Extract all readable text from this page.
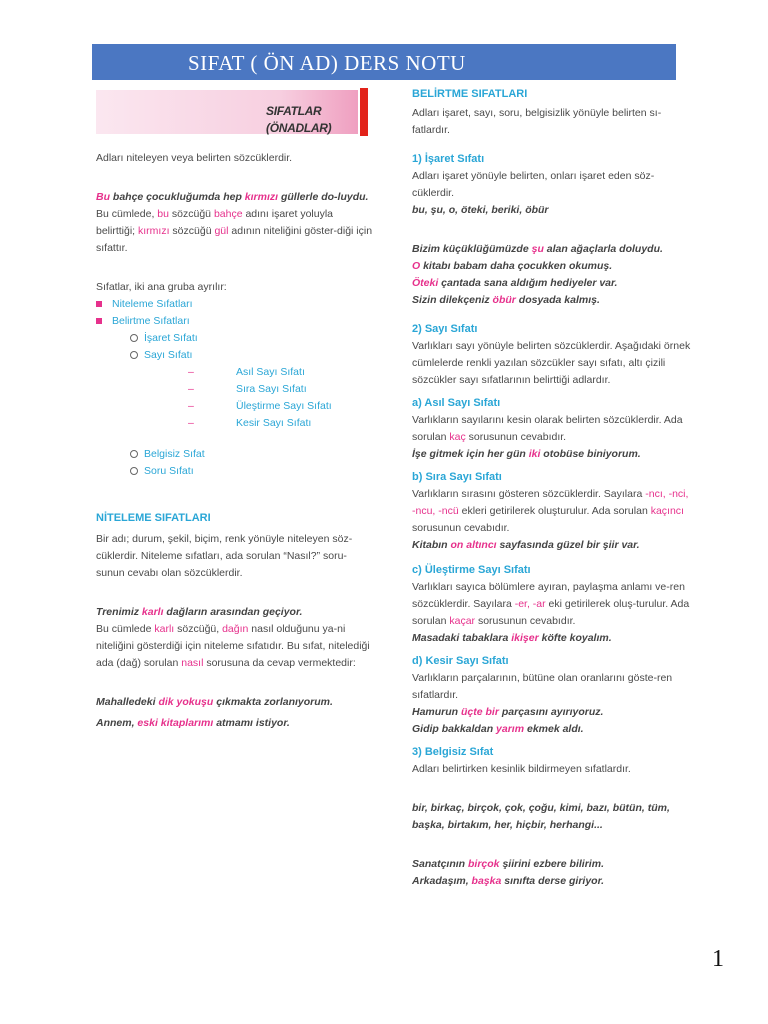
SIFAT ( ÖN AD) DERS NOTU
SIFATLAR (ÖNADLAR)

Adları niteleyen veya belirten sözcüklerdir.

Bu bahçe çocukluğumda hep kırmızı güllerle do-luydu.

Bu cümlede, bu sözcüğü bahçe adını işaret yoluyla belirttiği; kırmızı sözcüğü gül adının niteliğini göster-diği için sıfattır.

Sıfatlar, iki ana gruba ayrılır:

Niteleme Sıfatları

Belirtme Sıfatları

İşaret Sıfatı

Sayı Sıfatı

–	Asıl Sayı Sıfatı

–	Sıra Sayı Sıfatı

–	Üleştirme Sayı Sıfatı

–	Kesir Sayı Sıfatı

Belgisiz Sıfat

Soru Sıfatı

NİTELEME SIFATLARI

Bir adı; durum, şekil, biçim, renk yönüyle niteleyen söz-cüklerdir. Niteleme sıfatları, ada sorulan “Nasıl?” soru-sunun cevabı olan sözcüklerdir.

Trenimiz karlı dağların arasından geçiyor.

Bu cümlede karlı sözcüğü, dağın nasıl olduğunu ya-ni niteliğini gösterdiği için niteleme sıfatıdır. Bu sıfat, nitelediği ada (dağ) sorulan nasıl sorusuna da cevap vermektedir:

Mahalledeki dik yokuşu çıkmakta zorlanıyorum.

Annem, eski kitaplarımı atmamı istiyor.

BELİRTME SIFATLARI

Adları işaret, sayı, soru, belgisizlik yönüyle belirten sı-fatlardır.

1) İşaret Sıfatı

Adları işaret yönüyle belirten, onları işaret eden söz-cüklerdir.

bu, şu, o, öteki, beriki, öbür

Bizim küçüklüğümüzde şu alan ağaçlarla doluydu.

O kitabı babam daha çocukken okumuş.

Öteki çantada sana aldığım hediyeler var.

Sizin dilekçeniz öbür dosyada kalmış.

2) Sayı Sıfatı

Varlıkları sayı yönüyle belirten sözcüklerdir. Aşağıdaki örnek cümlelerde renkli yazılan sözcükler sayı sıfatı, altı çizili sözcükler sayı sıfatlarının belirttiği adlardır.

a) Asıl Sayı Sıfatı

Varlıkların sayılarını kesin olarak belirten sözcüklerdir. Ada sorulan kaç sorusunun cevabıdır.

İşe gitmek için her gün iki otobüse biniyorum.

b) Sıra Sayı Sıfatı

Varlıkların sırasını gösteren sözcüklerdir. Sayılara -ncı, -nci, -ncu, -ncü ekleri getirilerek oluşturulur. Ada sorulan kaçıncı sorusunun cevabıdır.

Kitabın on altıncı sayfasında güzel bir şiir var.

c) Üleştirme Sayı Sıfatı

Varlıkları sayıca bölümlere ayıran, paylaşma anlamı ve-ren sözcüklerdir. Sayılara -er, -ar eki getirilerek oluş-turulur. Ada sorulan kaçar sorusunun cevabıdır.

Masadaki tabaklara ikişer köfte koyalım.

d) Kesir Sayı Sıfatı

Varlıkların parçalarının, bütüne olan oranlarını göste-ren sıfatlardır.

Hamurun üçte bir parçasını ayırıyoruz.

Gidip bakkaldan yarım ekmek aldı.

3) Belgisiz Sıfat

Adları belirtirken kesinlik bildirmeyen sıfatlardır.

bir, birkaç, birçok, çok, çoğu, kimi, bazı, bütün, tüm, başka, birtakım, her, hiçbir, herhangi...

Sanatçının birçok şiirini ezbere bilirim.

Arkadaşım, başka sınıfta derse giriyor.

1
